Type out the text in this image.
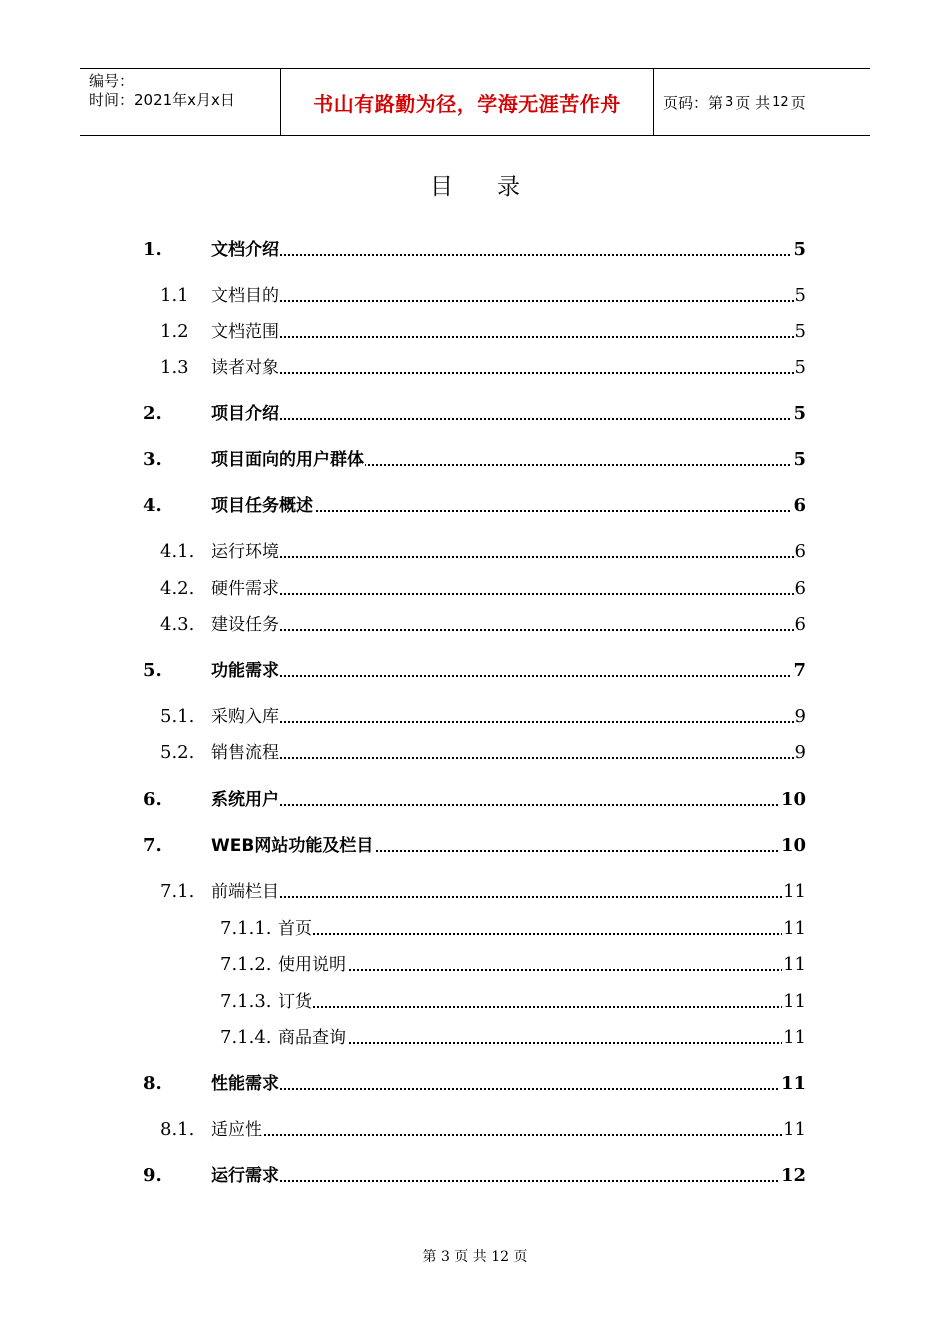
编号：
时间：2021年x月x日	书山有路勤为径，学海无涯苦作舟	页码：第 3 页 共 12 页
目录
1.	文档介绍	5
1.1 文档目的	5
1.2 文档范围	5
1.3 读者对象	5
2.	项目介绍	5
3.	项目面向的用户群体	5
4.	项目任务概述	6
4.1. 运行环境	6
4.2. 硬件需求	6
4.3. 建设任务	6
5.	功能需求	7
5.1. 采购入库	9
5.2. 销售流程	9
6.	系统用户	10
7.	WEB网站功能及栏目	10
7.1. 前端栏目	11
7.1.1. 首页	11
7.1.2. 使用说明	11
7.1.3. 订货	11
7.1.4. 商品查询	11
8.	性能需求	11
8.1. 适应性	11
9.	运行需求	12
第 3 页 共 12 页
